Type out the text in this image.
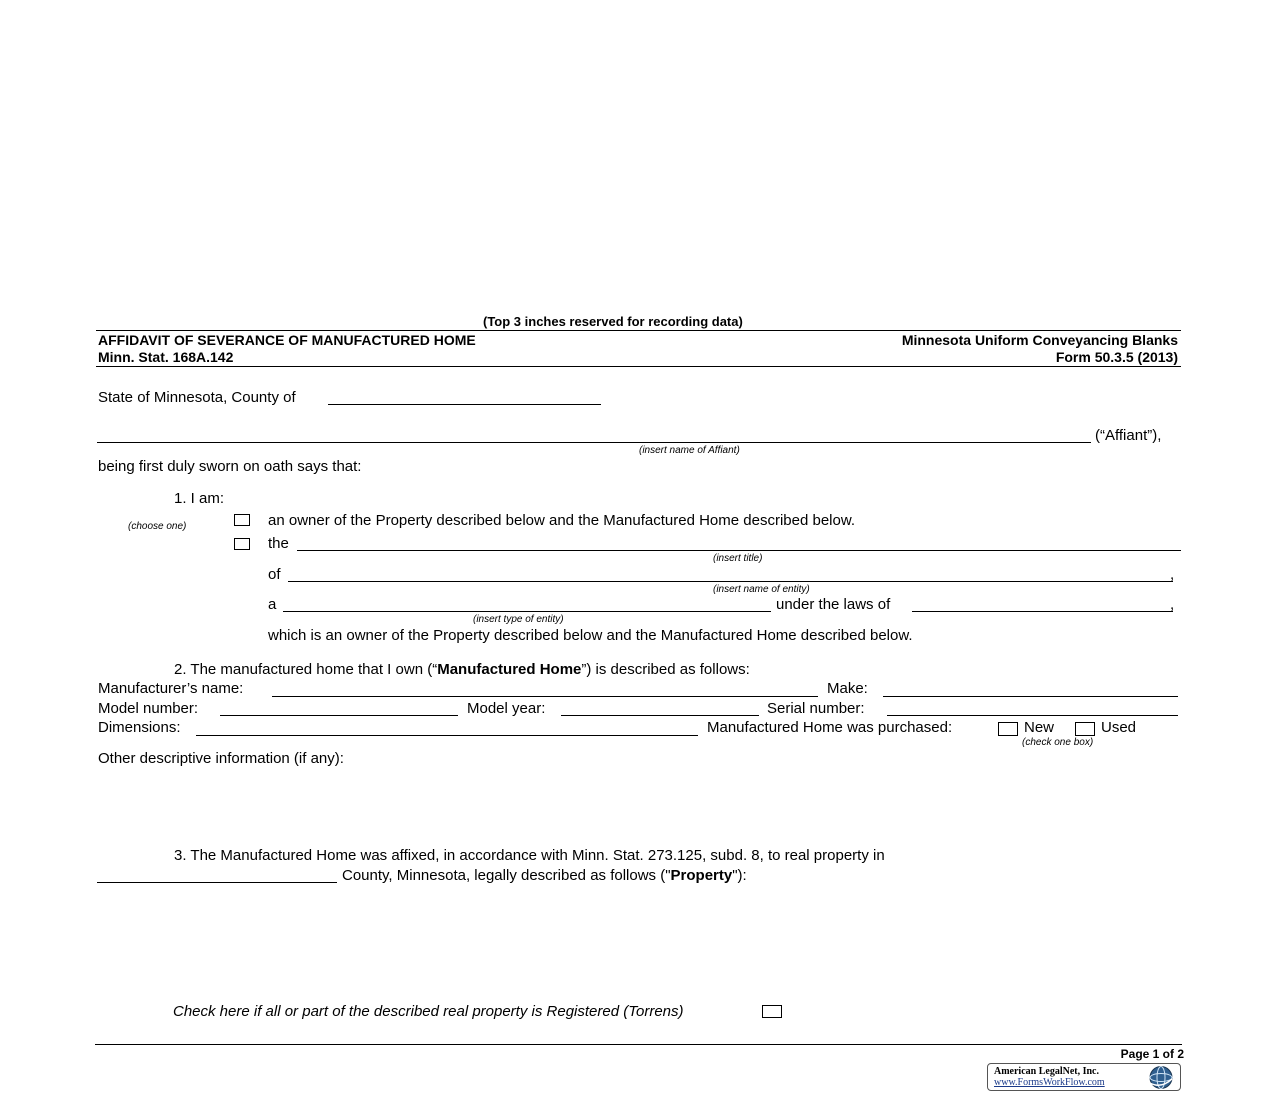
(Top 3 inches reserved for recording data)
AFFIDAVIT OF SEVERANCE OF MANUFACTURED HOME
Minn. Stat. 168A.142
Minnesota Uniform Conveyancing Blanks
Form 50.3.5 (2013)
State of Minnesota, County of
(“Affiant”),
(insert name of Affiant)
being first duly sworn on oath says that:
1. I am:
(choose one)	an owner of the Property described below and the Manufactured Home described below.
the
(insert title)
of	,
(insert name of entity)
a
(insert type of entity)
under the laws of	,
which is an owner of the Property described below and the Manufactured Home described below.
2. The manufactured home that I own (“Manufactured Home”) is described as follows:
Manufacturer’s name:	Make:
Model number:	Model year:	Serial number:
Dimensions:	Manufactured Home was purchased:	New	Used
(check one box)
Other descriptive information (if any):
3. The Manufactured Home was affixed, in accordance with Minn. Stat. 273.125, subd. 8, to real property in
County, Minnesota, legally described as follows ("Property"):
Check here if all or part of the described real property is Registered (Torrens)
Page 1 of 2
American LegalNet, Inc.
www.FormsWorkFlow.com
